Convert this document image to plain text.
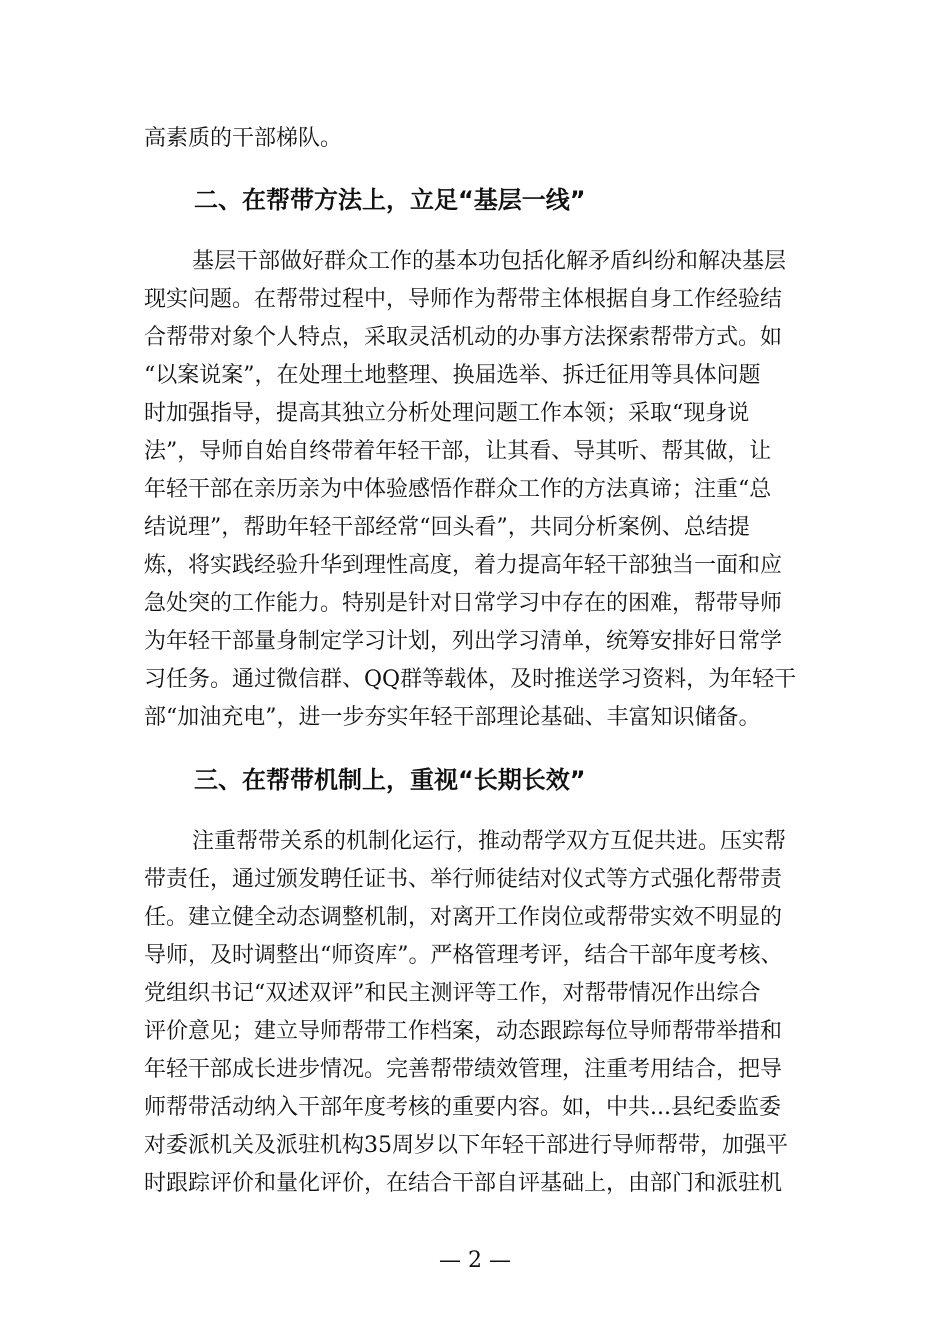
高素质的干部梯队。

二、在帮带方法上，立足“基层一线”

基层干部做好群众工作的基本功包括化解矛盾纠纷和解决基层

现实问题。在帮带过程中，导师作为帮带主体根据自身工作经验结

合帮带对象个人特点，采取灵活机动的办事方法探索帮带方式。如

“以案说案”，在处理土地整理、换届选举、拆迁征用等具体问题

时加强指导，提高其独立分析处理问题工作本领；采取“现身说

法”，导师自始自终带着年轻干部，让其看、导其听、帮其做，让

年轻干部在亲历亲为中体验感悟作群众工作的方法真谛；注重“总

结说理”，帮助年轻干部经常“回头看”，共同分析案例、总结提

炼，将实践经验升华到理性高度，着力提高年轻干部独当一面和应

急处突的工作能力。特别是针对日常学习中存在的困难，帮带导师

为年轻干部量身制定学习计划，列出学习清单，统筹安排好日常学

习任务。通过微信群、QQ群等载体，及时推送学习资料，为年轻干

部“加油充电”，进一步夯实年轻干部理论基础、丰富知识储备。

三、在帮带机制上，重视“长期长效”

注重帮带关系的机制化运行，推动帮学双方互促共进。压实帮

带责任，通过颁发聘任证书、举行师徒结对仪式等方式强化帮带责

任。建立健全动态调整机制，对离开工作岗位或帮带实效不明显的

导师，及时调整出“师资库”。严格管理考评，结合干部年度考核、

党组织书记“双述双评”和民主测评等工作，对帮带情况作出综合

评价意见；建立导师帮带工作档案，动态跟踪每位导师帮带举措和

年轻干部成长进步情况。完善帮带绩效管理，注重考用结合，把导

师帮带活动纳入干部年度考核的重要内容。如，中共...县纪委监委

对委派机关及派驻机构35周岁以下年轻干部进行导师帮带，加强平

时跟踪评价和量化评价，在结合干部自评基础上，由部门和派驻机

— 2 —
